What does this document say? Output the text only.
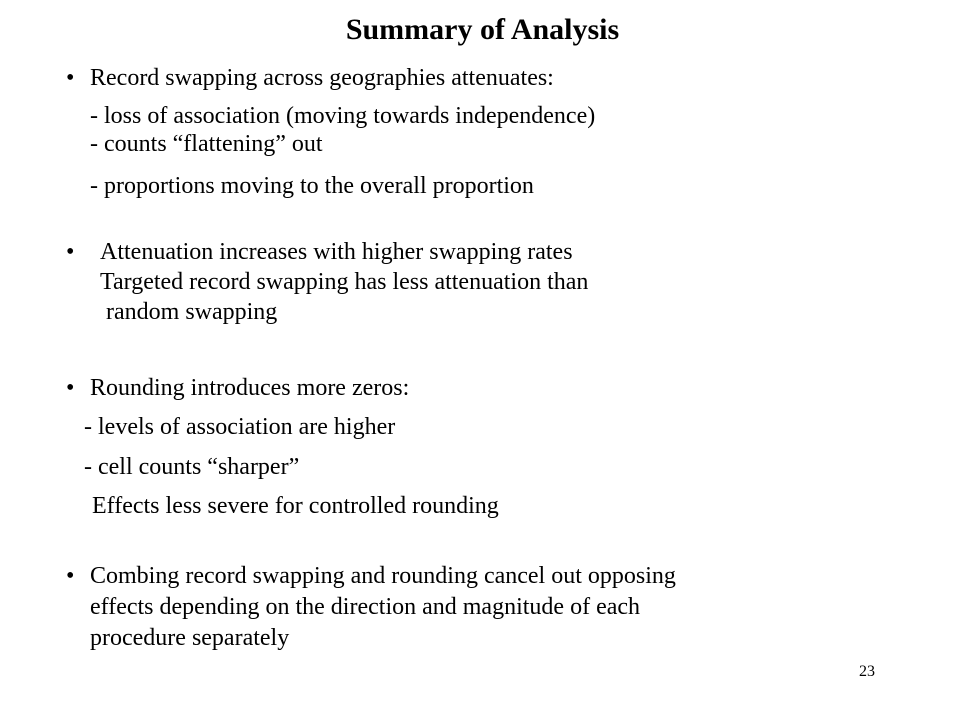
Summary of Analysis
• Record swapping across geographies attenuates:

- loss of association (moving towards independence)

- counts “flattening” out

- proportions moving to the overall proportion

• Attenuation increases with higher swapping rates

Targeted record swapping has less attenuation than

random swapping

• Rounding introduces more zeros:

- levels of association are higher

- cell counts “sharper”

Effects less severe for controlled rounding

• Combing record swapping and rounding cancel out opposing

effects depending on the direction and magnitude of each

procedure separately

23
